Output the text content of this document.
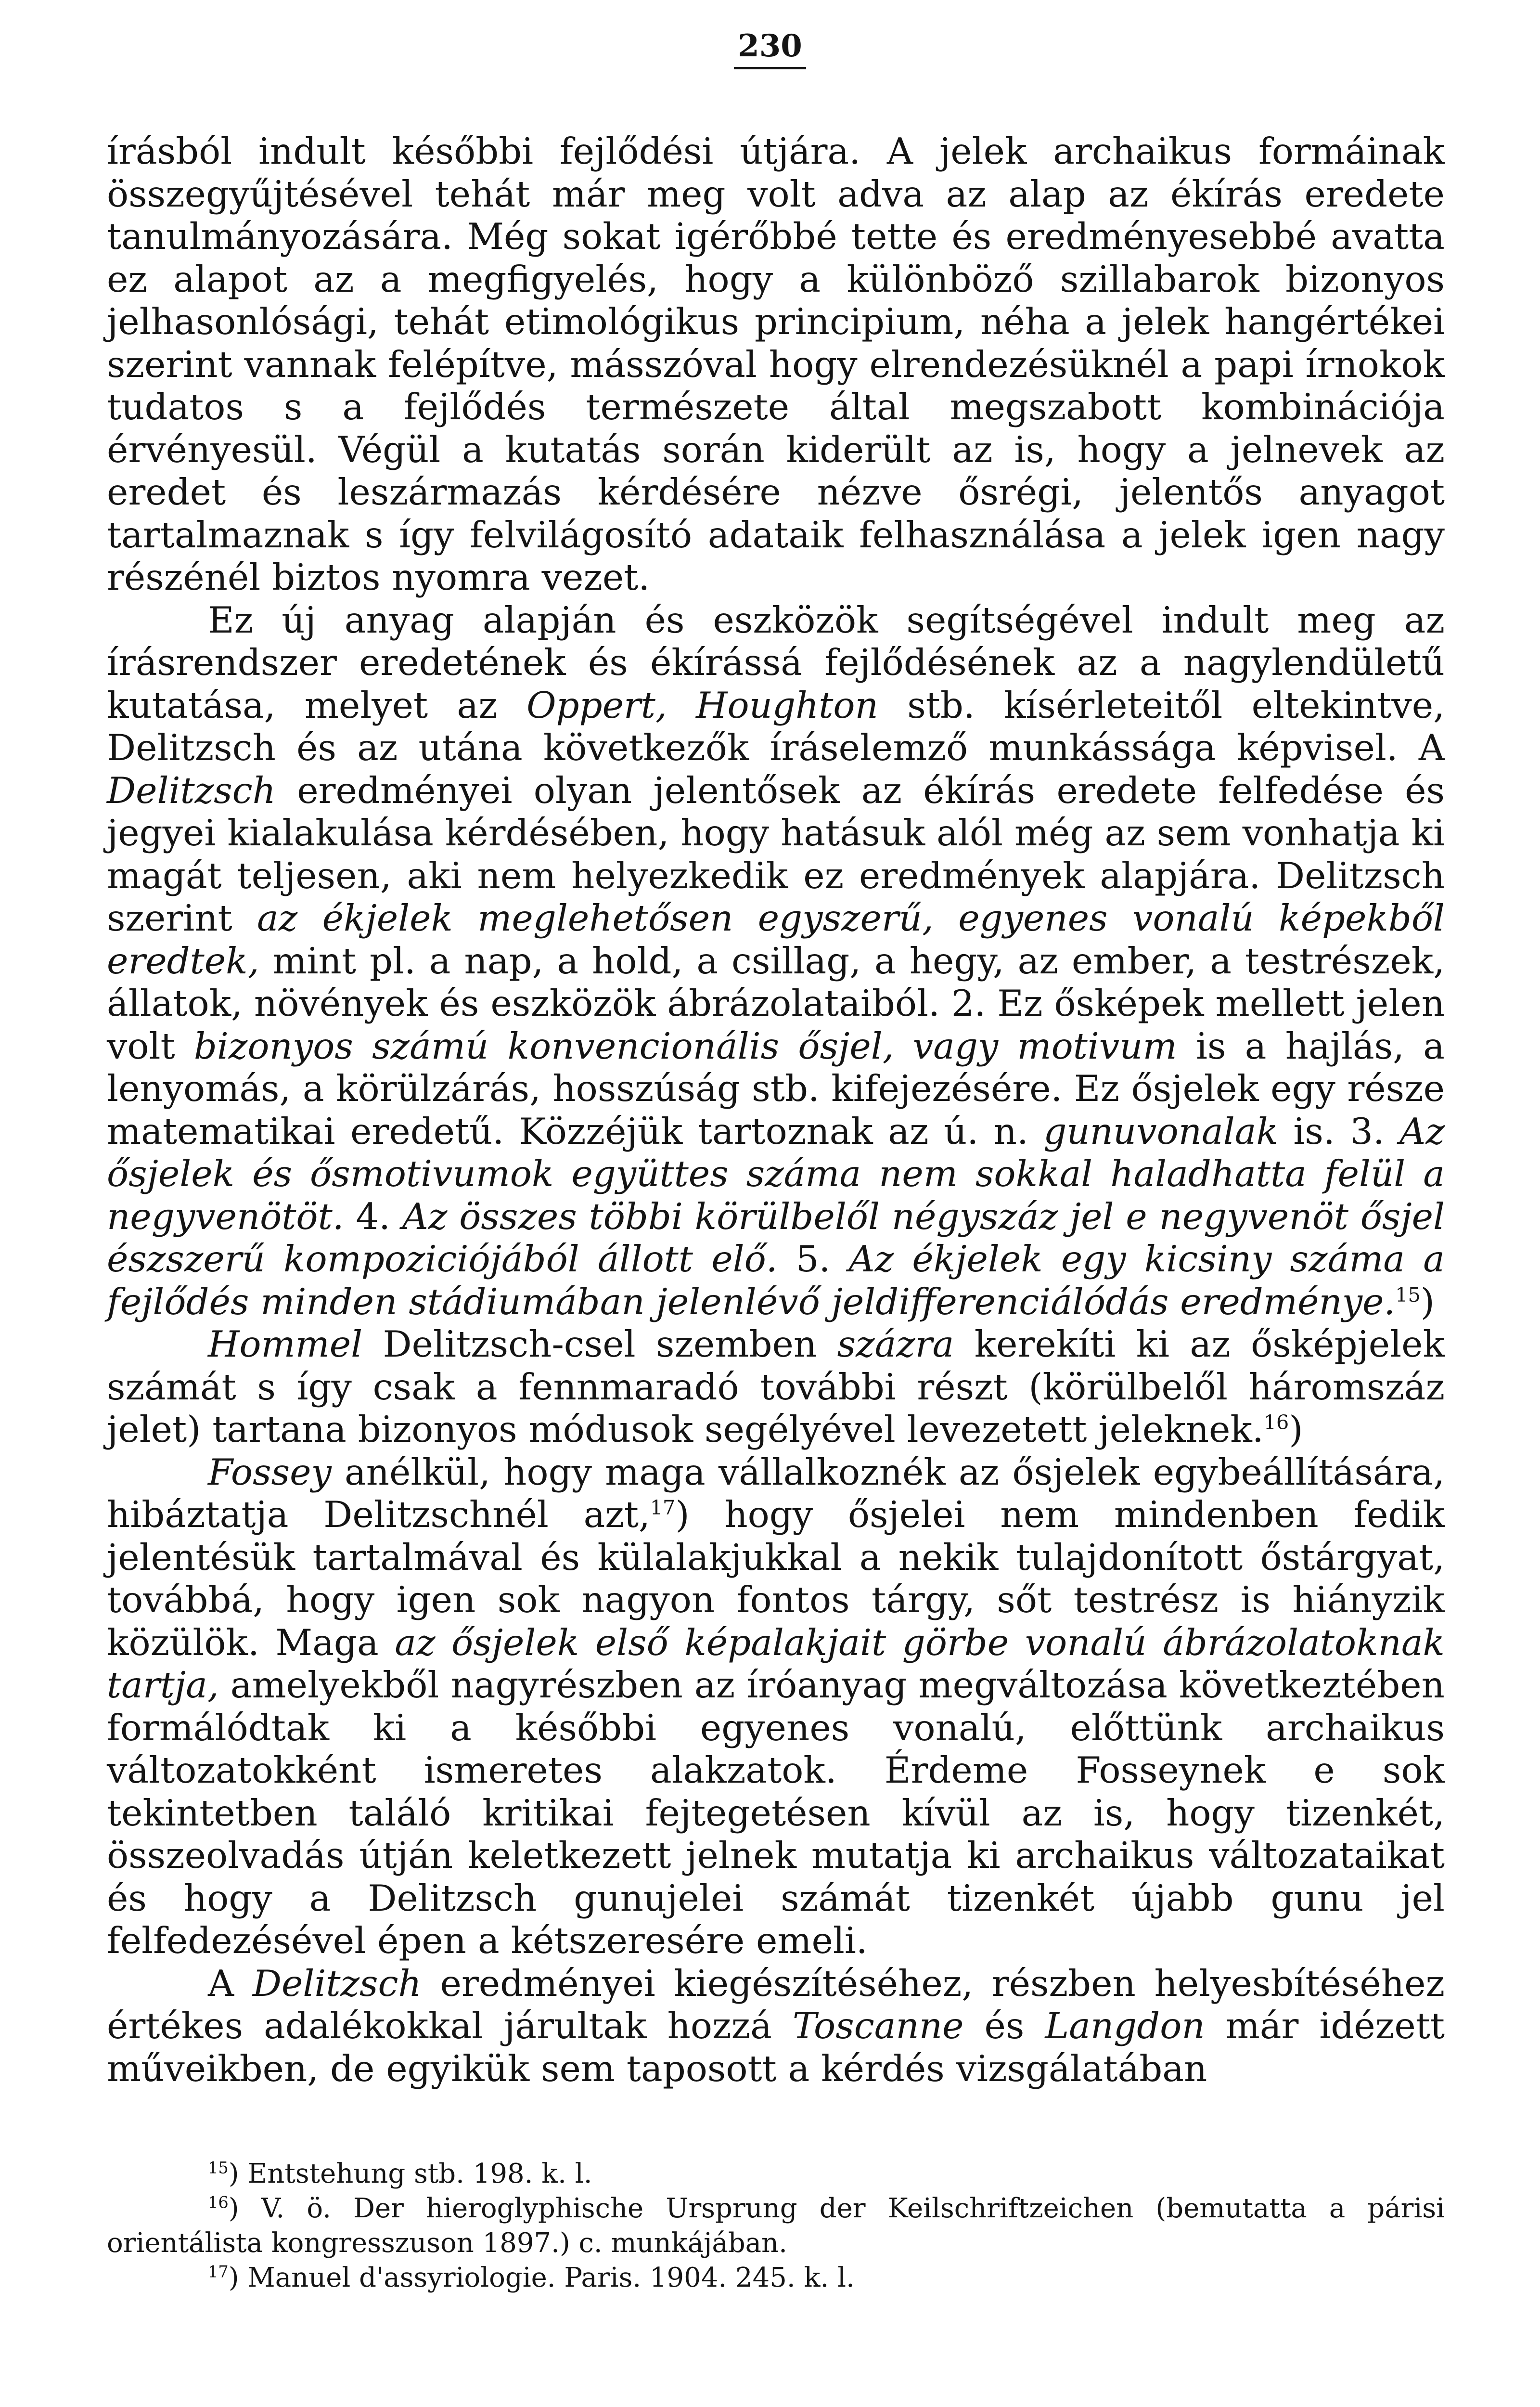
230

írásból indult későbbi fejlődési útjára. A jelek archaikus formáinak összegyűjtésével tehát már meg volt adva az alap az ékírás eredete tanulmányozására. Még sokat igérőbbé tette és eredményesebbé avatta ez alapot az a megfigyelés, hogy a különböző szillabarok bizonyos jelhasonlósági, tehát etimológikus principium, néha a jelek hangértékei szerint vannak felépítve, másszóval hogy elrendezésüknél a papi írnokok tudatos s a fejlődés természete által megszabott kombinációja érvényesül. Végül a kutatás során kiderült az is, hogy a jelnevek az eredet és leszármazás kérdésére nézve ősrégi, jelentős anyagot tartalmaznak s így felvilágosító adataik felhasználása a jelek igen nagy részénél biztos nyomra vezet.

Ez új anyag alapján és eszközök segítségével indult meg az írásrendszer eredetének és ékírássá fejlődésének az a nagylendületű kutatása, melyet az Oppert, Houghton stb. kísérleteitől eltekintve, Delitzsch és az utána következők íráselemző munkássága képvisel. A Delitzsch eredményei olyan jelentősek az ékírás eredete felfedése és jegyei kialakulása kérdésében, hogy hatásuk alól még az sem vonhatja ki magát teljesen, aki nem helyezkedik ez eredmények alapjára. Delitzsch szerint az ékjelek meglehetősen egyszerű, egyenes vonalú képekből eredtek, mint pl. a nap, a hold, a csillag, a hegy, az ember, a testrészek, állatok, növények és eszközök ábrázolataiból. 2. Ez ősképek mellett jelen volt bizonyos számú konvencionális ősjel, vagy motivum is a hajlás, a lenyomás, a körülzárás, hosszúság stb. kifejezésére. Ez ősjelek egy része matematikai eredetű. Közzéjük tartoznak az ú. n. gunuvonalak is. 3. Az ősjelek és ősmotivumok együttes száma nem sokkal haladhatta felül a negyvenötöt. 4. Az összes többi körülbelől négyszáz jel e negyvenöt ősjel észszerű kompoziciójából állott elő. 5. Az ékjelek egy kicsiny száma a fejlődés minden stádiumában jelenlévő jeldifferenciálódás eredménye.$^{15}$)

Hommel Delitzsch-csel szemben százra kerekíti ki az ősképjelek számát s így csak a fennmaradó további részt (körülbelől háromszáz jelet) tartana bizonyos módusok segélyével levezetett jeleknek.$^{16}$)

Fossey anélkül, hogy maga vállalkoznék az ősjelek egybeállítására, hibáztatja Delitzschnél azt,$^{17}$) hogy ősjelei nem mindenben fedik jelentésük tartalmával és külalakjukkal a nekik tulajdonított őstárgyat, továbbá, hogy igen sok nagyon fontos tárgy, sőt testrész is hiányzik közülök. Maga az ősjelek első képalakjait görbe vonalú ábrázolatoknak tartja, amelyekből nagyrészben az íróanyag megváltozása következtében formálódtak ki a későbbi egyenes vonalú, előttünk archaikus változatokként ismeretes alakzatok. Érdeme Fosseynek e sok tekintetben találó kritikai fejtegetésen kívül az is, hogy tizenkét, összeolvadás útján keletkezett jelnek mutatja ki archaikus változataikat és hogy a Delitzsch gunujelei számát tizenkét újabb gunu jel felfedezésével épen a kétszeresére emeli.

A Delitzsch eredményei kiegészítéséhez, részben helyesbítéséhez értékes adalékokkal járultak hozzá Toscanne és Langdon már idézett műveikben, de egyikük sem taposott a kérdés vizsgálatában

$^{15}$) Entstehung stb. 198. k. l.

$^{16}$) V. ö. Der hieroglyphische Ursprung der Keilschriftzeichen (bemutatta a párisi orientálista kongresszuson 1897.) c. munkájában.

$^{17}$) Manuel d'assyriologie. Paris. 1904. 245. k. l.
